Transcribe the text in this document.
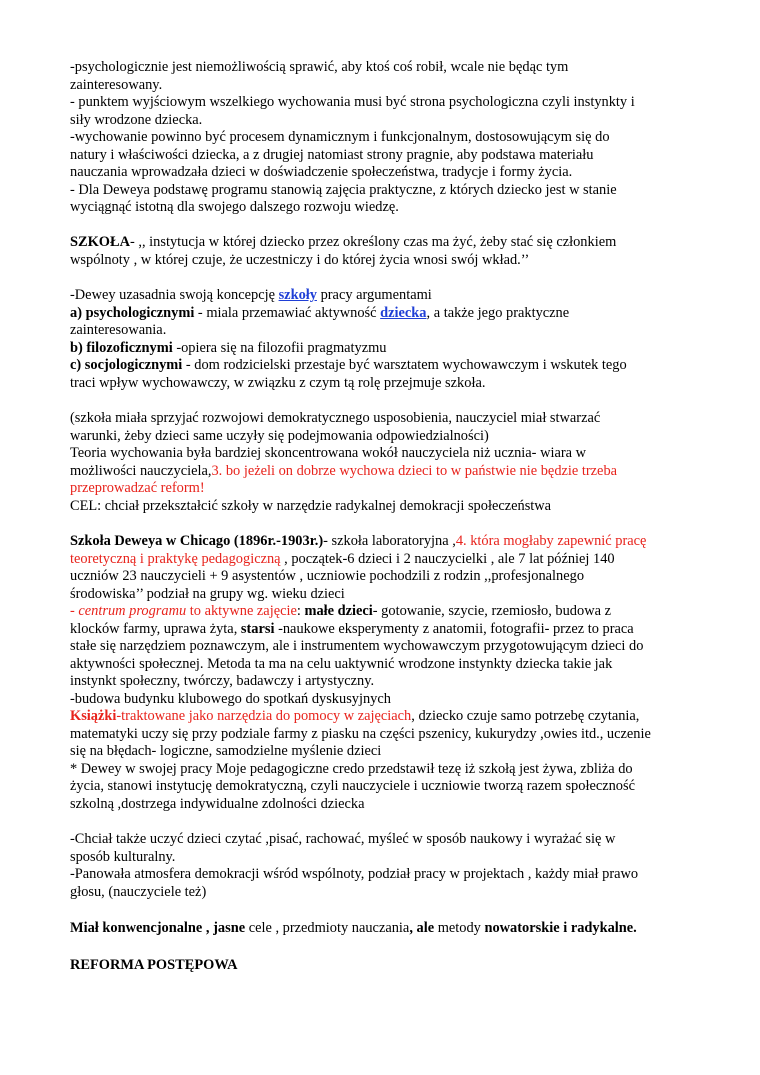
-psychologicznie jest niemożliwością sprawić, aby ktoś coś robił, wcale nie będąc tym
zainteresowany.
- punktem wyjściowym wszelkiego wychowania musi być strona psychologiczna czyli instynkty i
siły wrodzone dziecka.
-wychowanie powinno być procesem dynamicznym i funkcjonalnym, dostosowującym się do
natury i właściwości dziecka, a z drugiej natomiast strony pragnie, aby podstawa materiału
nauczania wprowadzała dzieci w doświadczenie społeczeństwa, tradycje i formy życia.
- Dla Deweya podstawę programu stanowią zajęcia praktyczne, z których dziecko jest w stanie
wyciągnąć istotną dla swojego dalszego rozwoju wiedzę.
SZKOŁA- ,, instytucja w której dziecko przez określony czas ma żyć, żeby stać się członkiem
wspólnoty , w której czuje, że uczestniczy i do której życia wnosi swój wkład.’’
-Dewey uzasadnia swoją koncepcję szkoły pracy argumentami
a) psychologicznymi - miala przemawiać aktywność dziecka, a także jego praktyczne
zainteresowania.
b) filozoficznymi -opiera się na filozofii pragmatyzmu
c) socjologicznymi - dom rodzicielski przestaje być warsztatem wychowawczym i wskutek tego
traci wpływ wychowawczy, w związku z czym tą rolę przejmuje szkoła.
(szkoła miała sprzyjać rozwojowi demokratycznego usposobienia, nauczyciel miał stwarzać
warunki, żeby dzieci same uczyły się podejmowania odpowiedzialności)
Teoria wychowania była bardziej skoncentrowana wokół nauczyciela niż ucznia- wiara w
możliwości nauczyciela,3. bo jeżeli on dobrze wychowa dzieci to w państwie nie będzie trzeba
przeprowadzać reform!
CEL: chciał przekształcić szkoły w narzędzie radykalnej demokracji społeczeństwa
Szkoła Deweya w Chicago (1896r.-1903r.)- szkoła laboratoryjna ,4. która mogłaby zapewnić pracę
teoretyczną i praktykę pedagogiczną , początek-6 dzieci i 2 nauczycielki , ale 7 lat później 140
uczniów 23 nauczycieli + 9 asystentów , uczniowie pochodzili z rodzin ,,profesjonalnego
środowiska’’ podział na grupy wg. wieku dzieci
- centrum programu to aktywne zajęcie: małe dzieci- gotowanie, szycie, rzemiosło, budowa z
klocków farmy, uprawa żyta, starsi -naukowe eksperymenty z anatomii, fotografii- przez to praca
stałe się narzędziem poznawczym, ale i instrumentem wychowawczym przygotowującym dzieci do
aktywności społecznej. Metoda ta ma na celu uaktywnić wrodzone instynkty dziecka takie jak
instynkt społeczny, twórczy, badawczy i artystyczny.
-budowa budynku klubowego do spotkań dyskusyjnych
Książki-traktowane jako narzędzia do pomocy w zajęciach, dziecko czuje samo potrzebę czytania,
matematyki uczy się przy podziale farmy z piasku na części pszenicy, kukurydzy ,owies itd., uczenie
się na błędach- logiczne, samodzielne myślenie dzieci
* Dewey w swojej pracy Moje pedagogiczne credo przedstawił tezę iż szkołą jest żywa, zbliża do
życia, stanowi instytucję demokratyczną, czyli nauczyciele i uczniowie tworzą razem społeczność
szkolną ,dostrzega indywidualne zdolności dziecka
-Chciał także uczyć dzieci czytać ,pisać, rachować, myśleć w sposób naukowy i wyrażać się w
sposób kulturalny.
-Panowała atmosfera demokracji wśród wspólnoty, podział pracy w projektach , każdy miał prawo
głosu, (nauczyciele też)
Miał konwencjonalne , jasne cele , przedmioty nauczania, ale metody nowatorskie i radykalne.
REFORMA POSTĘPOWA
